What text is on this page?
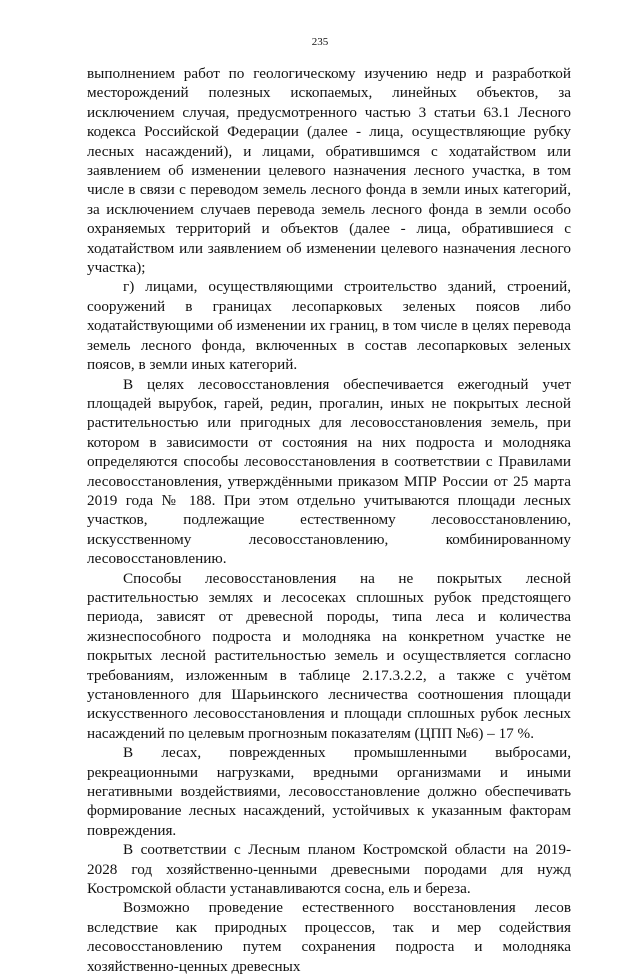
235

выполнением работ по геологическому изучению недр и разработкой месторождений полезных ископаемых, линейных объектов, за исключением случая, предусмотренного частью 3 статьи 63.1 Лесного кодекса Российской Федерации (далее - лица, осуществляющие рубку лесных насаждений), и лицами, обратившимся с ходатайством или заявлением об изменении целевого назначения лесного участка, в том числе в связи с переводом земель лесного фонда в земли иных категорий, за исключением случаев перевода земель лесного фонда в земли особо охраняемых территорий и объектов (далее - лица, обратившиеся с ходатайством или заявлением об изменении целевого назначения лесного участка);

г) лицами, осуществляющими строительство зданий, строений, сооружений в границах лесопарковых зеленых поясов либо ходатайствующими об изменении их границ, в том числе в целях перевода земель лесного фонда, включенных в состав лесопарковых зеленых поясов, в земли иных категорий.

В целях лесовосстановления обеспечивается ежегодный учет площадей вырубок, гарей, редин, прогалин, иных не покрытых лесной растительностью или пригодных для лесовосстановления земель, при котором в зависимости от состояния на них подроста и молодняка определяются способы лесовосстановления в соответствии с Правилами лесовосстановления, утверждёнными приказом МПР России от 25 марта 2019 года № 188. При этом отдельно учитываются площади лесных участков, подлежащие естественному лесовосстановлению, искусственному лесовосстановлению, комбинированному лесовосстановлению.

Способы лесовосстановления на не покрытых лесной растительностью землях и лесосеках сплошных рубок предстоящего периода, зависят от древесной породы, типа леса и количества жизнеспособного подроста и молодняка на конкретном участке не покрытых лесной растительностью земель и осуществляется согласно требованиям, изложенным в таблице 2.17.3.2.2, а также с учётом установленного для Шарьинского лесничества соотношения площади искусственного лесовосстановления и площади сплошных рубок лесных насаждений по целевым прогнозным показателям (ЦПП №6) – 17 %.

В лесах, поврежденных промышленными выбросами, рекреационными нагрузками, вредными организмами и иными негативными воздействиями, лесовосстановление должно обеспечивать формирование лесных насаждений, устойчивых к указанным факторам повреждения.

В соответствии с Лесным планом Костромской области на 2019-2028 год хозяйственно-ценными древесными породами для нужд Костромской области устанавливаются сосна, ель и береза.

Возможно проведение естественного восстановления лесов вследствие как природных процессов, так и мер содействия лесовосстановлению путем сохранения подроста и молодняка хозяйственно-ценных древесных
